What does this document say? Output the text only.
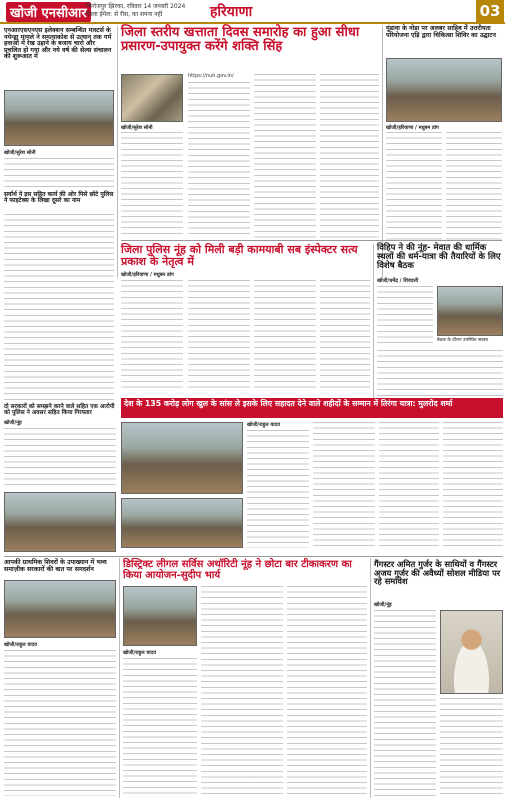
खोजी एनसीआर फिरोजपुर झिरका, रविवार 14 जनवरी 2024
ज़िला ईमेल: से रीस, का सपना नहीं	हरियाणा	03
एनआरएसएनएस इलेक्शन सम्बन्धित मास्टर्स के नयेन्ड्रा मामले ने समत्याकोश से उत्थान तक गर्म हवाओं में रेख उड़ाने के बजाय चारो और प्रचलित हो गया और नये वर्ष की सेल्स संचालन की शुरूआत में
खोजी/सुरेश सोनी
सर्वार्थ ने इस सहित कार्य की ओर पिसे छोटे पुलिस ने फाइटेक्स के लिखा दूसरे का नाम
जिला स्तरीय खत्ताता दिवस समारोह का हुआ सीधा प्रसारण-उपायुक्त करेंगे शक्ति सिंह
खोजी/सुरेश सोनी
https://nuh.gov.in/
मुंडावा के नोडा पर अलबर साहिब में उत्तरीयता परियोजना एड़ि द्वारा चिकित्सा शिविर का उद्घाटन
खोजी/हरियाणा / मधुबन डांग
जिला पुलिस नूंह को मिली बड़ी कामयाबी सब इंस्पेक्टर सत्य प्रकाश के नेतृत्व में
खोजी/हरियाणा / मधुबन डांग
विहिप ने की नूंह- मेवात की धार्मिक स्थलों की धर्म-यात्रा की तैयारियों के लिए विशेष बैठक
खोजी/धमेंद्र / शिवदत्ती
बैठक के दौरान उपस्थित सदस्य
दो सरकारों को समझने करने वाले सहित एक आरोपी को पुलिस ने अवसर सहित किया गिरफ्तार
खोजी/नूंह
देश के 135 करोड़ लोग खुल के सांस ले इसके लिए सहादत देने वाले शहीदों के सम्मान में तिरंगा यात्रा: मुलरोद शर्मा
खोजी/राहुल यादव
आपकी ग्राथमिक शिवरों के उपाख्यान में भव्य समाज़ीक सरकारों की बात पर समदर्शन
खोजी/राहुल यादव
डिस्ट्रिक्ट लीगल सर्विस अथॉरिटी नूंह ने छोटा बार टीकाकरण का किया आयोजन-सुदीप भार्य
खोजी/राहुल यादव
गैंगस्टर अमित गुर्जर के साथियों व गैंगस्टर अजय गुर्जर की अवैध्यों सोशल मीडिया पर रहे समावेश
खोजी/नूंह
